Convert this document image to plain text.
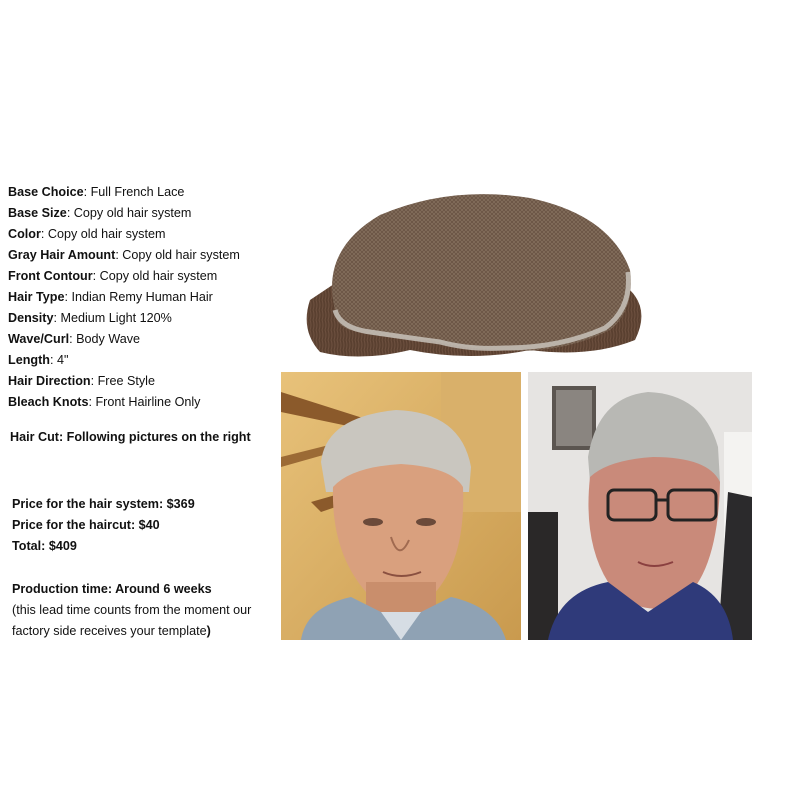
Base Choice: Full French Lace
Base Size: Copy old hair system
Color: Copy old hair system
Gray Hair Amount: Copy old hair system
Front Contour: Copy old hair system
Hair Type: Indian Remy Human Hair
Density: Medium Light 120%
Wave/Curl: Body Wave
Length: 4"
Hair Direction: Free Style
Bleach Knots: Front Hairline Only
Hair Cut: Following pictures on the right
Price for the hair system: $369
Price for the haircut: $40
Total: $409
Production time: Around 6 weeks
(this lead time counts from the moment our
factory side receives your template)
